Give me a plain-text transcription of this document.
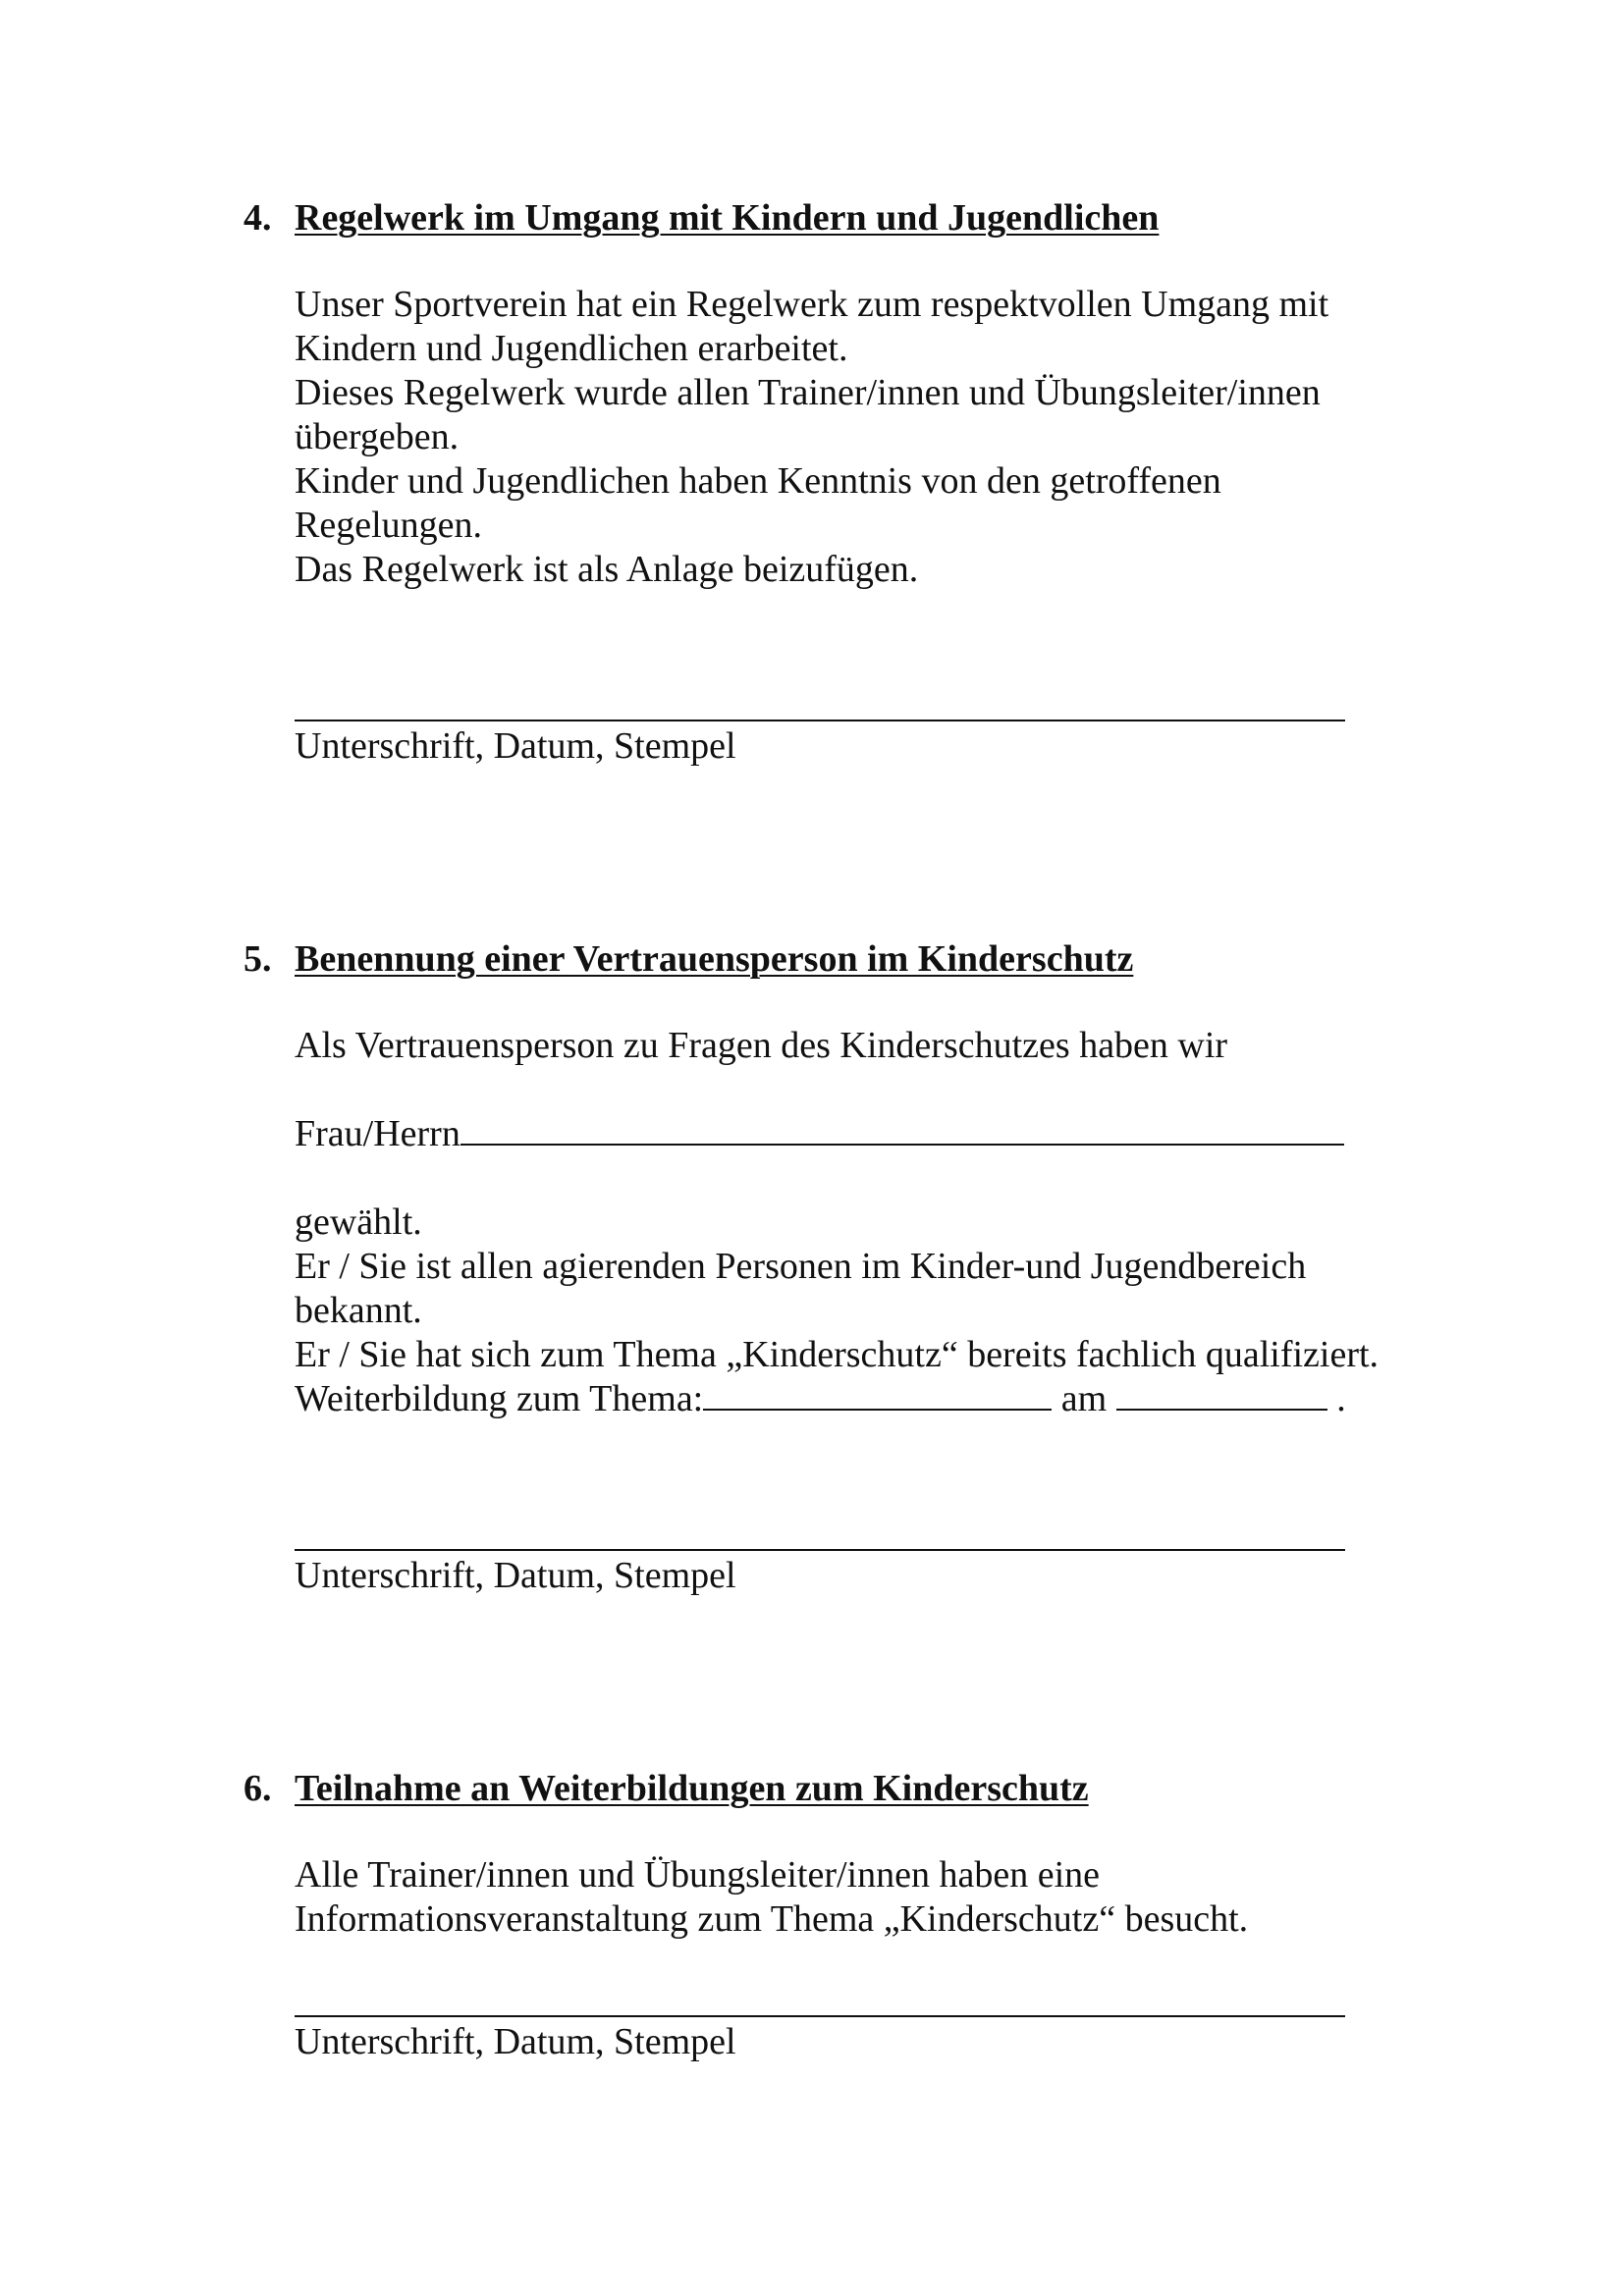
4. Regelwerk im Umgang mit Kindern und Jugendlichen
Unser Sportverein hat ein Regelwerk zum respektvollen Umgang mit
Kindern und Jugendlichen erarbeitet.
Dieses Regelwerk wurde allen Trainer/innen und Übungsleiter/innen
übergeben.
Kinder und Jugendlichen haben Kenntnis von den getroffenen
Regelungen.
Das Regelwerk ist als Anlage beizufügen.
Unterschrift, Datum, Stempel
5. Benennung einer Vertrauensperson im Kinderschutz
Als Vertrauensperson zu Fragen des Kinderschutzes haben wir
Frau/Herrn
gewählt.
Er / Sie ist allen agierenden Personen im Kinder-und Jugendbereich
bekannt.
Er / Sie hat sich zum Thema „Kinderschutz“ bereits fachlich qualifiziert.
Weiterbildung zum Thema:	am	.
Unterschrift, Datum, Stempel
6. Teilnahme an Weiterbildungen zum Kinderschutz
Alle Trainer/innen und Übungsleiter/innen haben eine
Informationsveranstaltung zum Thema „Kinderschutz“ besucht.
Unterschrift, Datum, Stempel
